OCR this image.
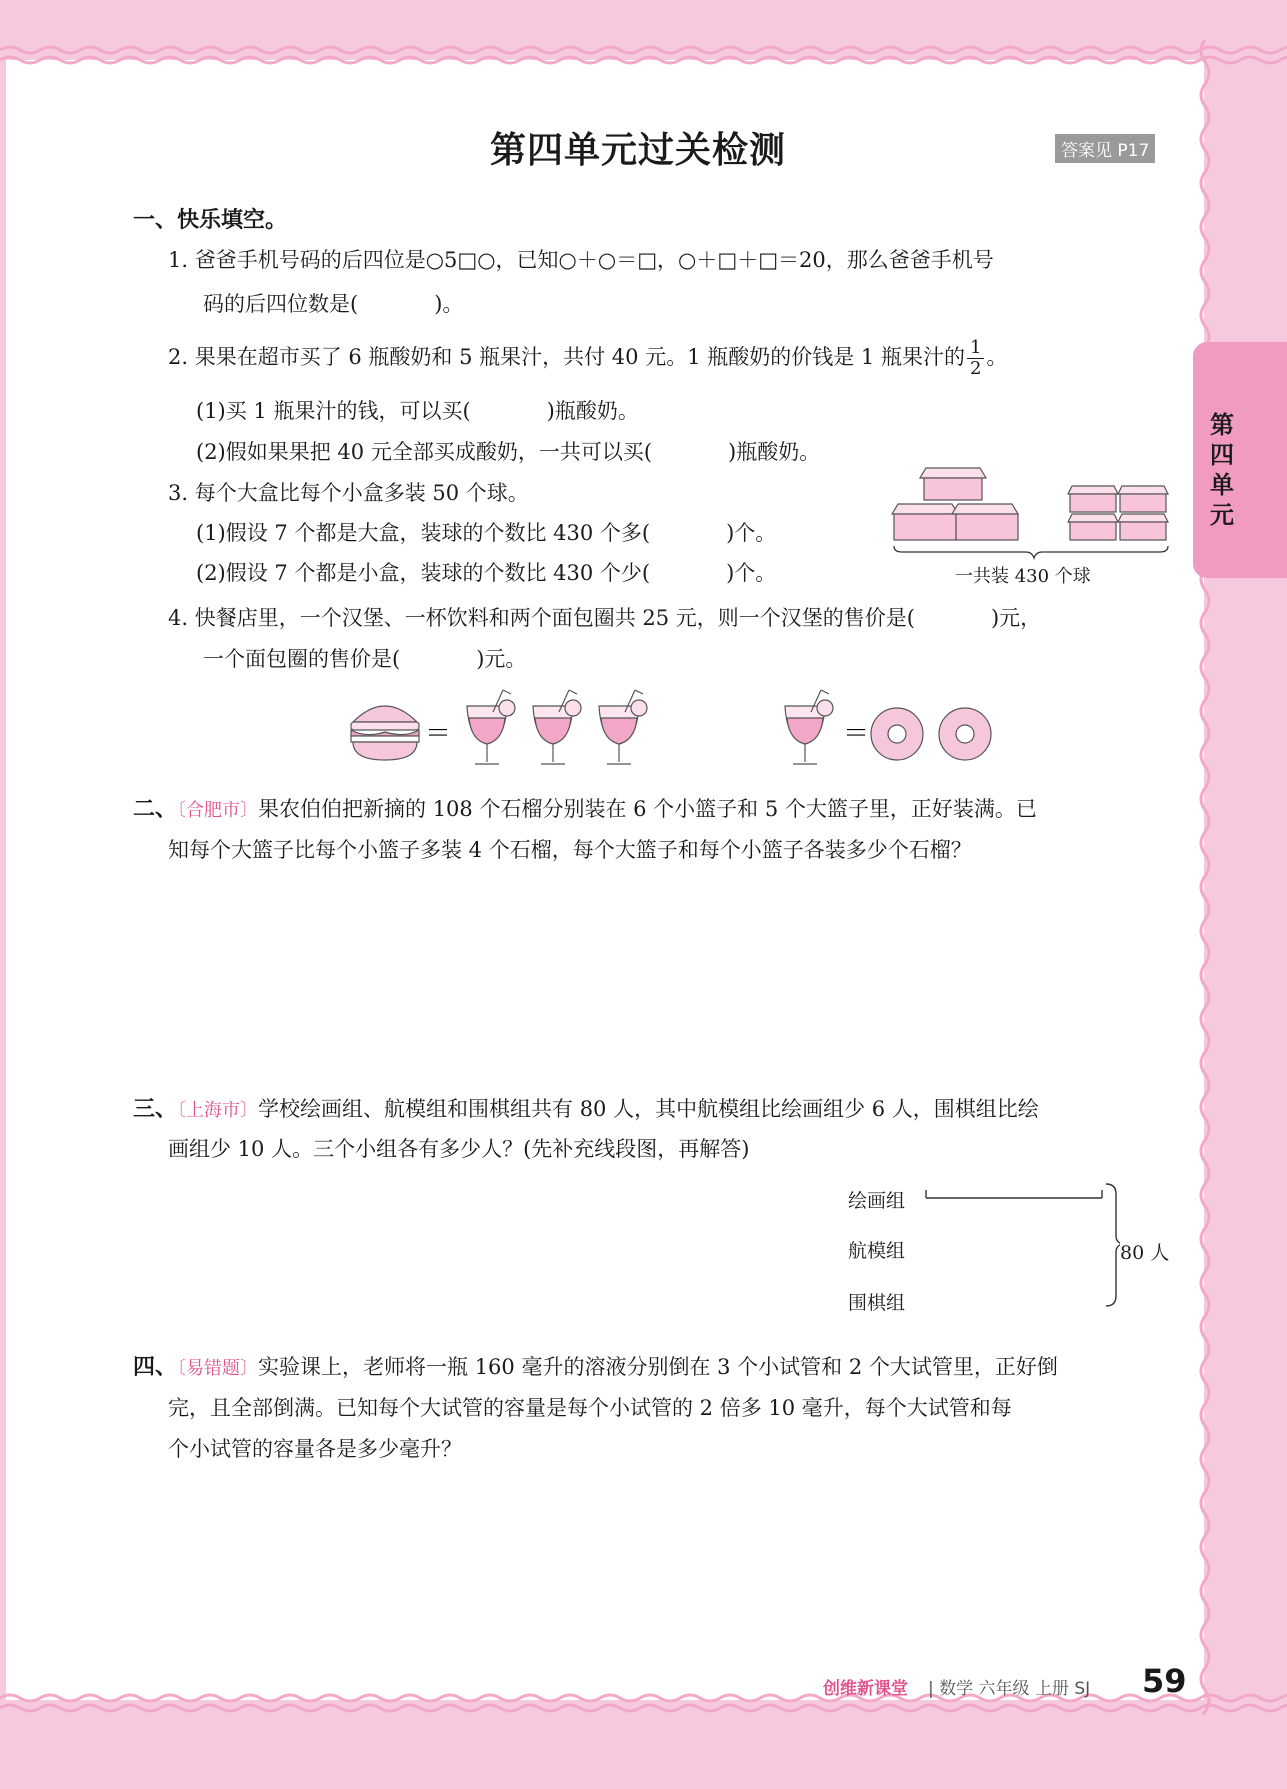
第四单元过关检测	答案见 P17
第四单元
一、快乐填空。
1. 爸爸手机号码的后四位是○5□○，已知○＋○＝□，○＋□＋□＝20，那么爸爸手机号
码的后四位数是(	)。
2. 果果在超市买了 6 瓶酸奶和 5 瓶果汁，共付 40 元。1 瓶酸奶的价钱是 1 瓶果汁的 $\frac{1}{2}$ 。
(1)买 1 瓶果汁的钱，可以买(	)瓶酸奶。
(2)假如果果把 40 元全部买成酸奶，一共可以买(	)瓶酸奶。
3. 每个大盒比每个小盒多装 50 个球。
(1)假设 7 个都是大盒，装球的个数比 430 个多(	)个。
(2)假设 7 个都是小盒，装球的个数比 430 个少(	)个。	一共装 430 个球
4. 快餐店里，一个汉堡、一杯饮料和两个面包圈共 25 元，则一个汉堡的售价是(	)元，
一个面包圈的售价是(	)元。
＝	＝
二、〔合肥市〕果农伯伯把新摘的 108 个石榴分别装在 6 个小篮子和 5 个大篮子里，正好装满。已
知每个大篮子比每个小篮子多装 4 个石榴，每个大篮子和每个小篮子各装多少个石榴？
三、〔上海市〕学校绘画组、航模组和围棋组共有 80 人，其中航模组比绘画组少 6 人，围棋组比绘
画组少 10 人。三个小组各有多少人？(先补充线段图，再解答)
绘画组
航模组
围棋组
80 人
四、〔易错题〕实验课上，老师将一瓶 160 毫升的溶液分别倒在 3 个小试管和 2 个大试管里，正好倒
完，且全部倒满。已知每个大试管的容量是每个小试管的 2 倍多 10 毫升，每个大试管和每
个小试管的容量各是多少毫升？
创维新课堂 | 数学 六年级 上册 SJ 59
